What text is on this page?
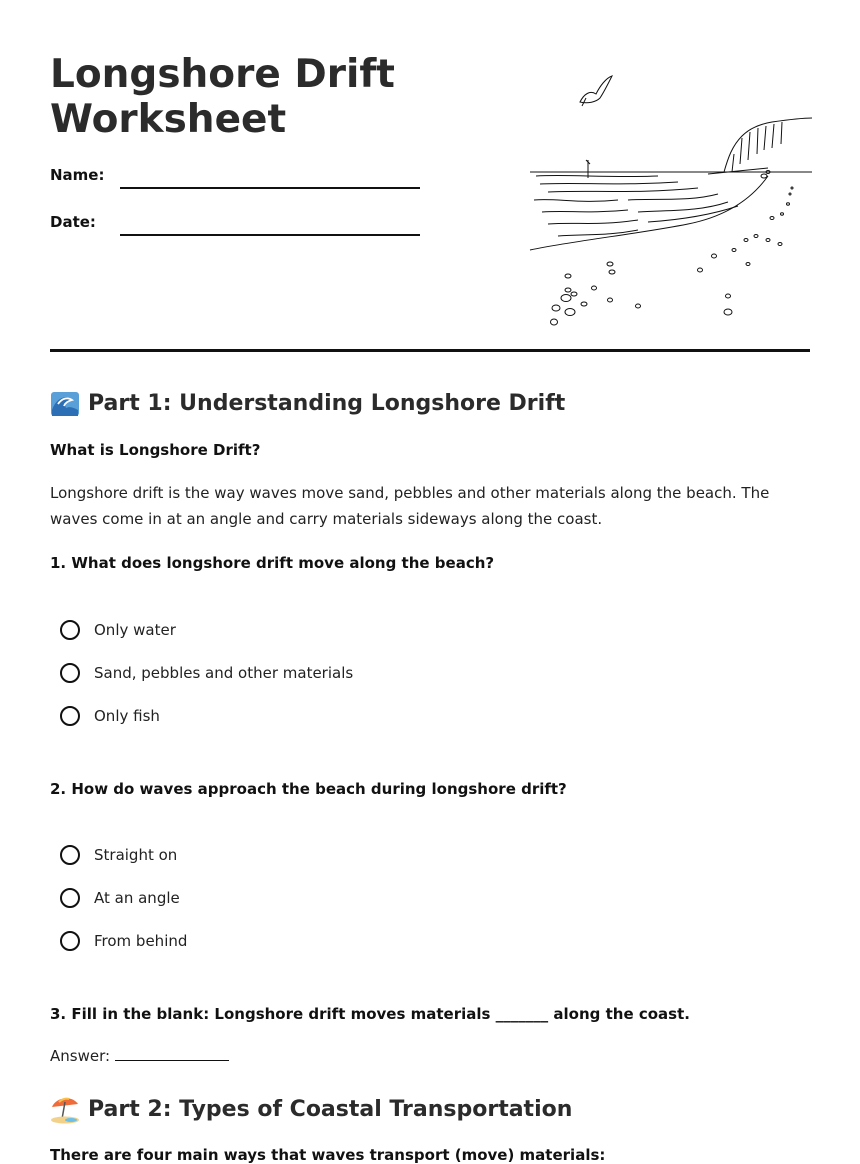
Longshore Drift Worksheet
Name:
Date:
Part 1: Understanding Longshore Drift
What is Longshore Drift?
Longshore drift is the way waves move sand, pebbles and other materials along the beach. The waves come in at an angle and carry materials sideways along the coast.
1. What does longshore drift move along the beach?
Only water
Sand, pebbles and other materials
Only fish
2. How do waves approach the beach during longshore drift?
Straight on
At an angle
From behind
3. Fill in the blank: Longshore drift moves materials _______ along the coast.
Answer:
Part 2: Types of Coastal Transportation
There are four main ways that waves transport (move) materials:
